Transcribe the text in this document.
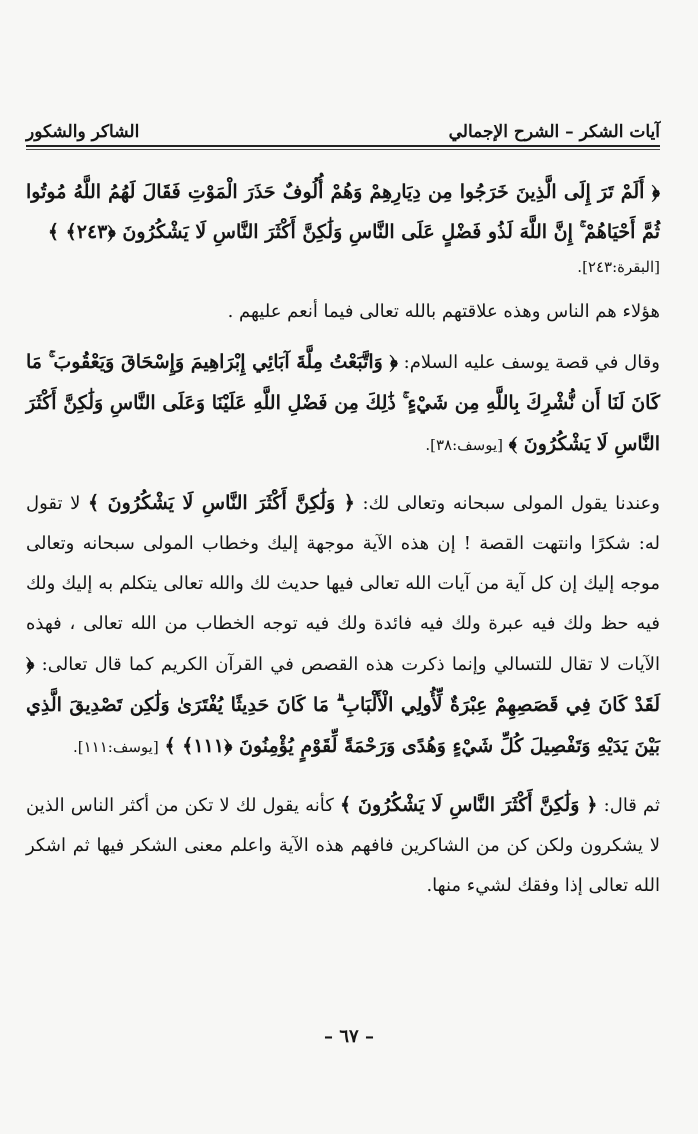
آيات الشكر – الشرح الإجمالي
الشاكر والشكور

﴿ أَلَمْ تَرَ إِلَى الَّذِينَ خَرَجُوا مِن دِيَارِهِمْ وَهُمْ أُلُوفٌ حَذَرَ الْمَوْتِ فَقَالَ لَهُمُ اللَّهُ مُوتُوا ثُمَّ أَحْيَاهُمْ ۚ إِنَّ اللَّهَ لَذُو فَضْلٍ عَلَى النَّاسِ وَلَٰكِنَّ أَكْثَرَ النَّاسِ لَا يَشْكُرُونَ ﴿٢٤٣﴾ ﴾

[البقرة:٢٤٣].

هؤلاء هم الناس وهذه علاقتهم بالله تعالى فيما أنعم عليهم .

وقال في قصة يوسف عليه السلام: ﴿ وَاتَّبَعْتُ مِلَّةَ آبَائِي إِبْرَاهِيمَ وَإِسْحَاقَ وَيَعْقُوبَ ۚ مَا كَانَ لَنَا أَن نُّشْرِكَ بِاللَّهِ مِن شَيْءٍ ۚ ذَٰلِكَ مِن فَضْلِ اللَّهِ عَلَيْنَا وَعَلَى النَّاسِ وَلَٰكِنَّ أَكْثَرَ النَّاسِ لَا يَشْكُرُونَ ﴾ [يوسف:٣٨].

وعندنا يقول المولى سبحانه وتعالى لك: ﴿ وَلَٰكِنَّ أَكْثَرَ النَّاسِ لَا يَشْكُرُونَ ﴾ لا تقول له: شكرًا وانتهت القصة ! إن هذه الآية موجهة إليك وخطاب المولى سبحانه وتعالى موجه إليك إن كل آية من آيات الله تعالى فيها حديث لك والله تعالى يتكلم به إليك ولك فيه حظ ولك فيه عبرة ولك فيه فائدة ولك فيه توجه الخطاب من الله تعالى ، فهذه الآيات لا تقال للتسالي وإنما ذكرت هذه القصص في القرآن الكريم كما قال تعالى: ﴿ لَقَدْ كَانَ فِي قَصَصِهِمْ عِبْرَةٌ لِّأُولِي الْأَلْبَابِ ۗ مَا كَانَ حَدِيثًا يُفْتَرَىٰ وَلَٰكِن تَصْدِيقَ الَّذِي بَيْنَ يَدَيْهِ وَتَفْصِيلَ كُلِّ شَيْءٍ وَهُدًى وَرَحْمَةً لِّقَوْمٍ يُؤْمِنُونَ ﴿١١١﴾ ﴾ [يوسف:١١١].

ثم قال: ﴿ وَلَٰكِنَّ أَكْثَرَ النَّاسِ لَا يَشْكُرُونَ ﴾ كأنه يقول لك لا تكن من أكثر الناس الذين لا يشكرون ولكن كن من الشاكرين فافهم هذه الآية واعلم معنى الشكر فيها ثم اشكر الله تعالى إذا وفقك لشيء منها.

– ٦٧ –
